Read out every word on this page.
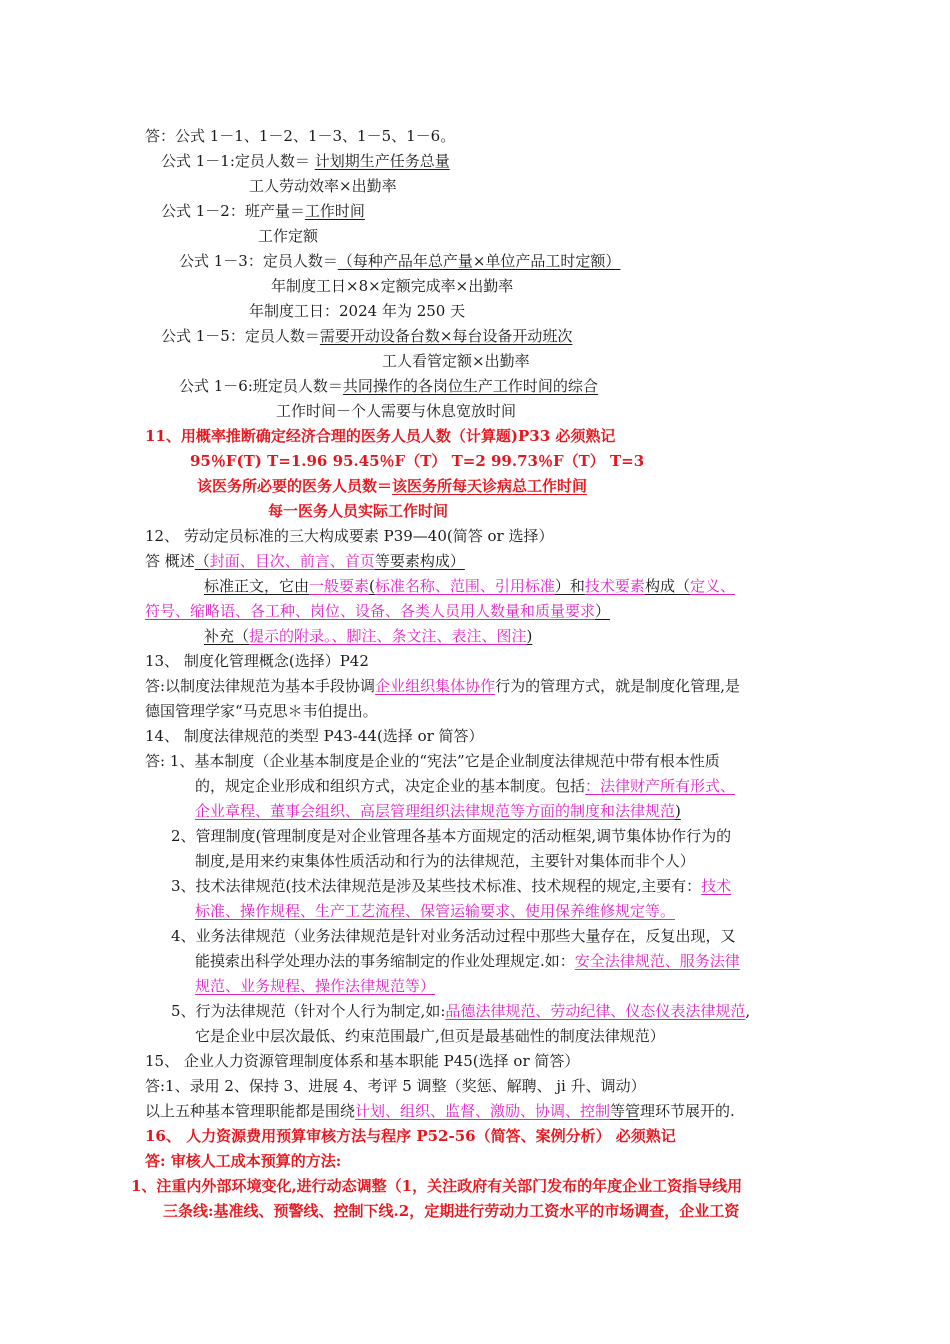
答：公式 1－1、1－2、1－3、1－5、1－6。
公式 1－1:定员人数＝ 计划期生产任务总量
工人劳动效率×出勤率
公式 1－2：班产量＝工作时间
工作定额
公式 1－3：定员人数＝（每种产品年总产量×单位产品工时定额）
年制度工日×8×定额完成率×出勤率
年制度工日：2024 年为 250 天
公式 1－5：定员人数＝需要开动设备台数×每台设备开动班次
工人看管定额×出勤率
公式 1－6:班定员人数＝共同操作的各岗位生产工作时间的综合
工作时间－个人需要与休息宽放时间
11、用概率推断确定经济合理的医务人员人数（计算题)P33 必须熟记
95％F(T) T=1.96 95.45％F（T） T=2 99.73％F（T） T=3
该医务所必要的医务人员数＝该医务所每天诊病总工作时间
每一医务人员实际工作时间
12、 劳动定员标准的三大构成要素 P39—40(简答 or 选择）
答 概述（封面、目次、前言、首页等要素构成）
标准正文，它由一般要素(标准名称、范围、引用标准）和技术要素构成（定义、
符号、缩略语、各工种、岗位、设备、各类人员用人数量和质量要求）
补充（提示的附录。、脚注、条文注、表注、图注)
13、 制度化管理概念(选择）P42
答:以制度法律规范为基本手段协调企业组织集体协作行为的管理方式，就是制度化管理,是
德国管理学家“马克思＊韦伯提出。
14、 制度法律规范的类型 P43-44(选择 or 简答）
答: 1、基本制度（企业基本制度是企业的“宪法”它是企业制度法律规范中带有根本性质
的，规定企业形成和组织方式，决定企业的基本制度。包括：法律财产所有形式、
企业章程、董事会组织、高层管理组织法律规范等方面的制度和法律规范)
2、管理制度(管理制度是对企业管理各基本方面规定的活动框架,调节集体协作行为的
制度,是用来约束集体性质活动和行为的法律规范，主要针对集体而非个人）
3、技术法律规范(技术法律规范是涉及某些技术标准、技术规程的规定,主要有：技术
标准、操作规程、生产工艺流程、保管运输要求、使用保养维修规定等。
4、业务法律规范（业务法律规范是针对业务活动过程中那些大量存在，反复出现，又
能摸索出科学处理办法的事务缩制定的作业处理规定.如：安全法律规范、服务法律
规范、业务规程、操作法律规范等）
5、行为法律规范（针对个人行为制定,如:品德法律规范、劳动纪律、仪态仪表法律规范,
它是企业中层次最低、约束范围最广,但页是最基础性的制度法律规范）
15、 企业人力资源管理制度体系和基本职能 P45(选择 or 简答）
答:1、录用 2、保持 3、进展 4、考评 5 调整（奖惩、解聘、 ji 升、调动）
以上五种基本管理职能都是围绕计划、组织、监督、激励、协调、控制等管理环节展开的.
16、 人力资源费用预算审核方法与程序 P52-56（简答、案例分析） 必须熟记
答: 审核人工成本预算的方法:
1、注重内外部环境变化,进行动态调整（1，关注政府有关部门发布的年度企业工资指导线用
三条线:基准线、预警线、控制下线.2，定期进行劳动力工资水平的市场调查，企业工资
